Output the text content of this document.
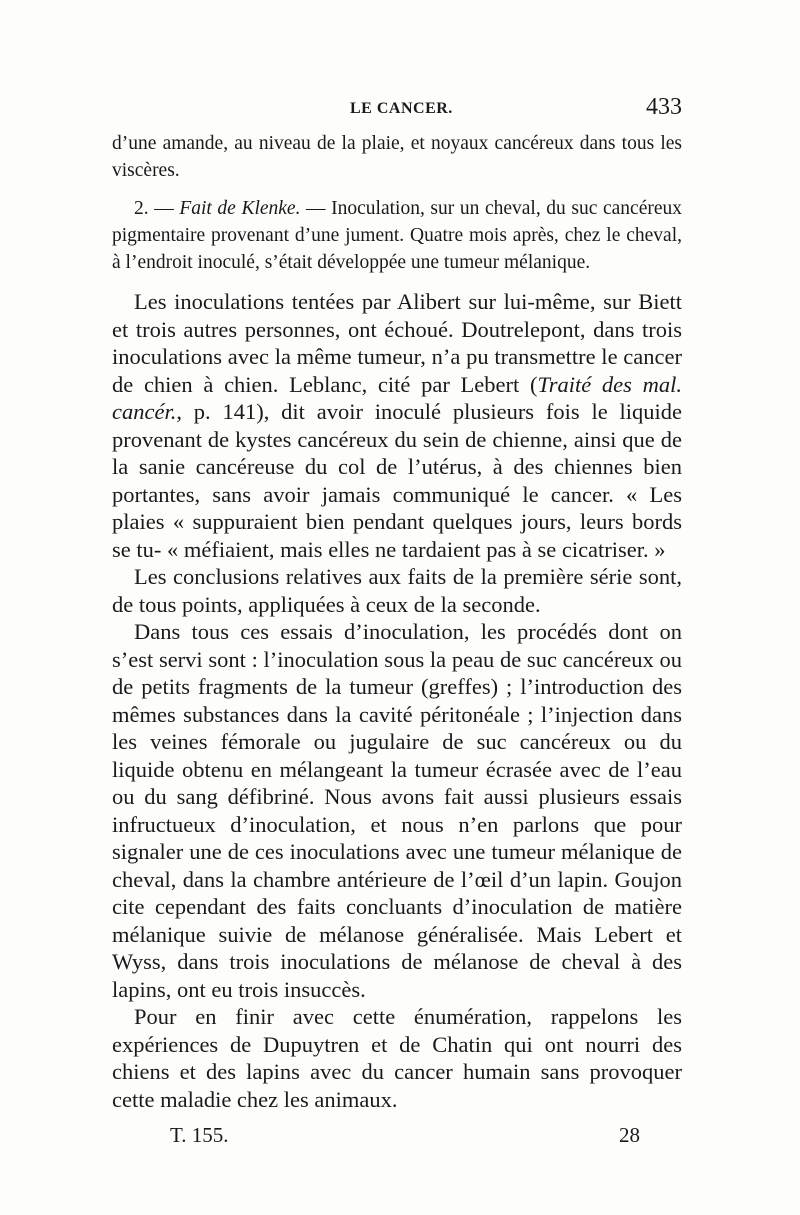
LE CANCER.	433

d’une amande, au niveau de la plaie, et noyaux cancéreux dans tous les viscères.

2. — Fait de Klenke. — Inoculation, sur un cheval, du suc cancéreux pigmentaire provenant d’une jument. Quatre mois après, chez le cheval, à l’endroit inoculé, s’était développée une tumeur mélanique.

Les inoculations tentées par Alibert sur lui-même, sur Biett et trois autres personnes, ont échoué. Doutrelepont, dans trois inoculations avec la même tumeur, n’a pu transmettre le cancer de chien à chien. Leblanc, cité par Lebert (Traité des mal. cancér., p. 141), dit avoir inoculé plusieurs fois le liquide provenant de kystes cancéreux du sein de chienne, ainsi que de la sanie cancéreuse du col de l’utérus, à des chiennes bien portantes, sans avoir jamais communiqué le cancer. « Les plaies « suppuraient bien pendant quelques jours, leurs bords se tu- « méfiaient, mais elles ne tardaient pas à se cicatriser. »

Les conclusions relatives aux faits de la première série sont, de tous points, appliquées à ceux de la seconde.

Dans tous ces essais d’inoculation, les procédés dont on s’est servi sont : l’inoculation sous la peau de suc cancéreux ou de petits fragments de la tumeur (greffes) ; l’introduction des mêmes substances dans la cavité péritonéale ; l’injection dans les veines fémorale ou jugulaire de suc cancéreux ou du liquide obtenu en mélangeant la tumeur écrasée avec de l’eau ou du sang défibriné. Nous avons fait aussi plusieurs essais infructueux d’inoculation, et nous n’en parlons que pour signaler une de ces inoculations avec une tumeur mélanique de cheval, dans la chambre antérieure de l’œil d’un lapin. Goujon cite cependant des faits concluants d’inoculation de matière mélanique suivie de mélanose généralisée. Mais Lebert et Wyss, dans trois inoculations de mélanose de cheval à des lapins, ont eu trois insuccès.

Pour en finir avec cette énumération, rappelons les expériences de Dupuytren et de Chatin qui ont nourri des chiens et des lapins avec du cancer humain sans provoquer cette maladie chez les animaux.

T. 155.	28
